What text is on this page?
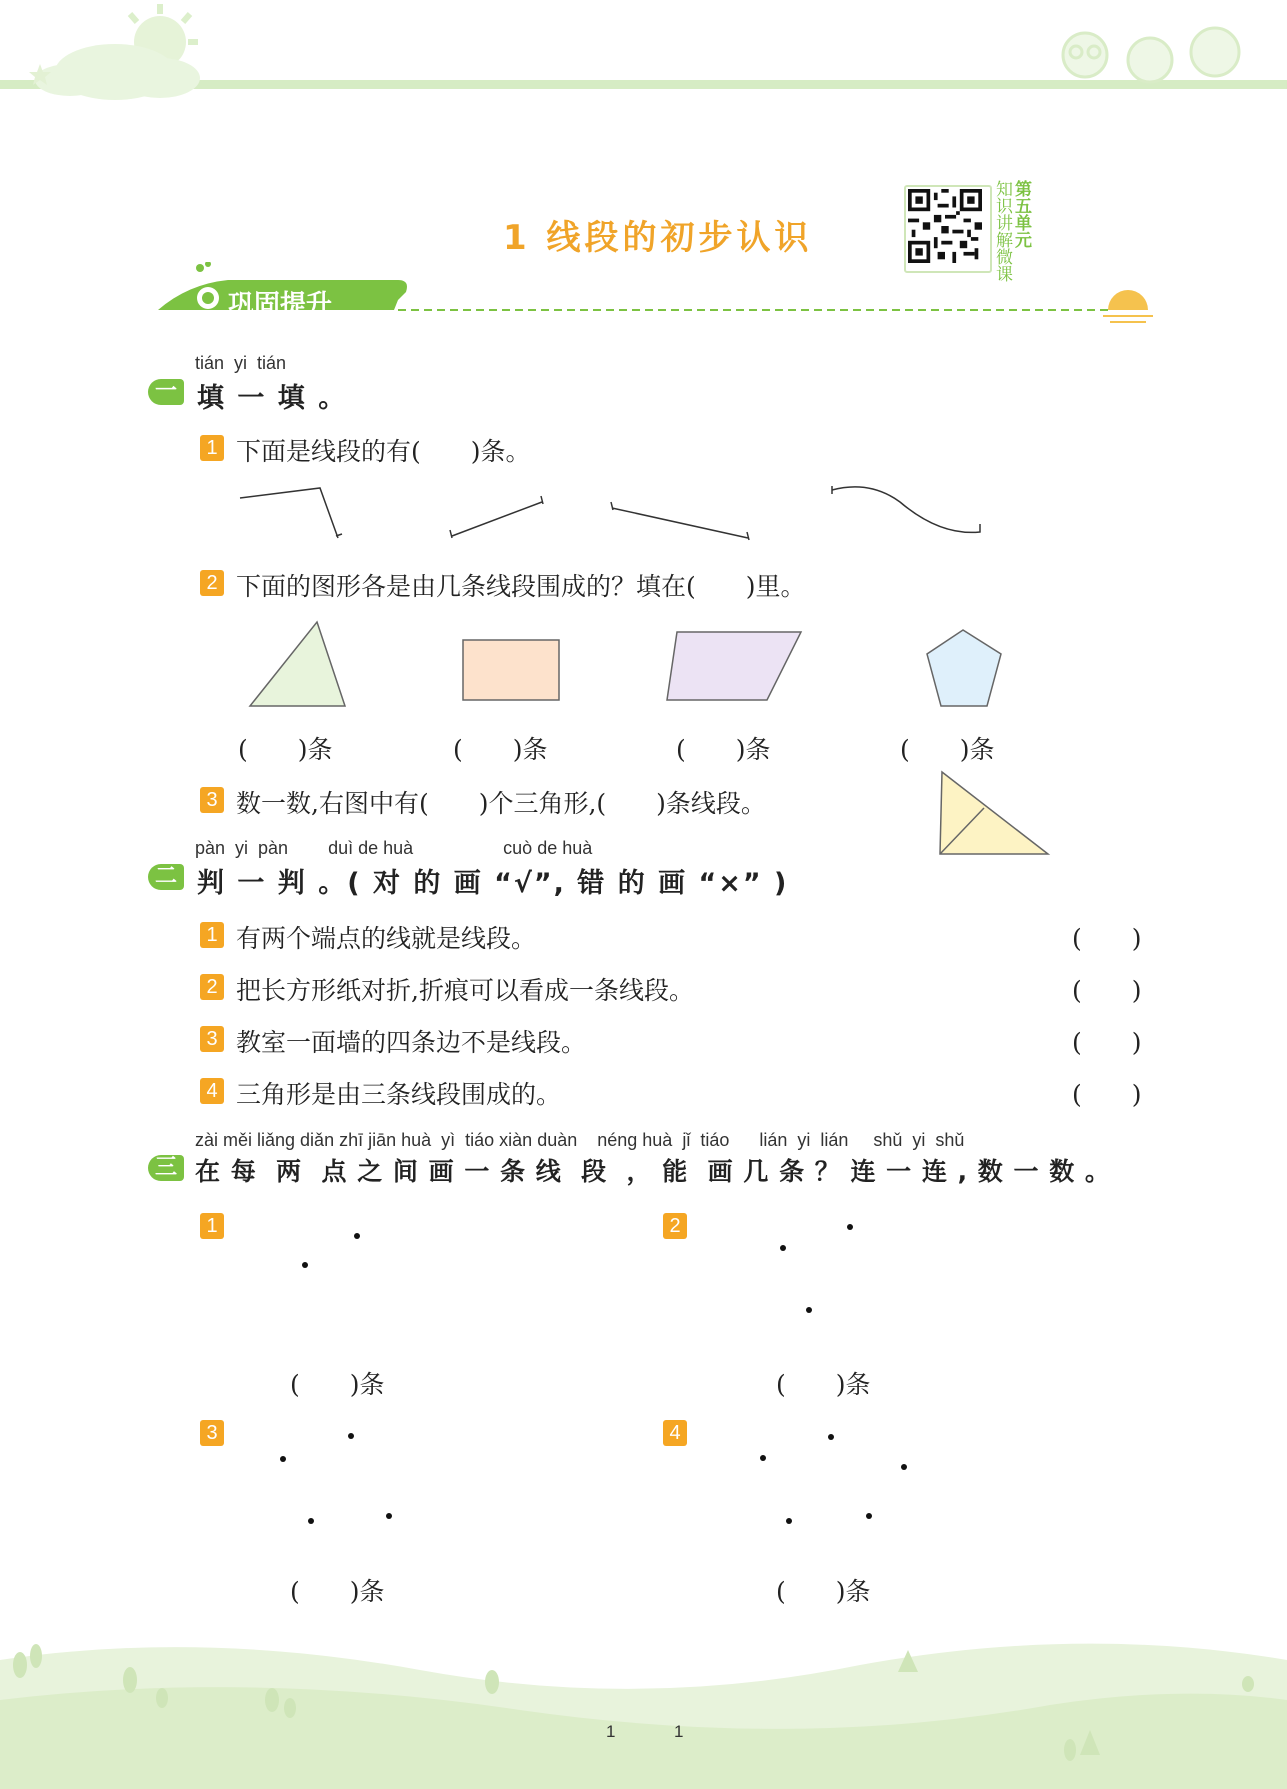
1 线段的初步认识	知识讲解微课 第五单元
巩固提升
tián  yi  tián
一 填 一 填 。
1 下面是线段的有(　　)条。
2 下面的图形各是由几条线段围成的？填在(　　)里。
(　　)条	(　　)条	(　　)条	(　　)条
3 数一数,右图中有(　　)个三角形,(　　)条线段。
pàn  yi  pàn        duì de huà                  cuò de huà
二 判 一 判 。( 对 的 画 “√”, 错 的 画 “×” )
1 有两个端点的线就是线段。	(　　)
2 把长方形纸对折,折痕可以看成一条线段。	(　　)
3 教室一面墙的四条边不是线段。	(　　)
4 三角形是由三条线段围成的。	(　　)
zài měi liǎng diǎn zhī jiān huà  yì  tiáo xiàn duàn    néng huà  jǐ  tiáo      lián  yi  lián     shǔ  yi  shǔ
三 在 每  两  点 之 间 画 一 条 线  段  ， 能  画 几 条 ？ 连 一 连 , 数 一 数 。
1
(　　)条
2
(　　)条
3
(　　)条
4
(　　)条
1	1
